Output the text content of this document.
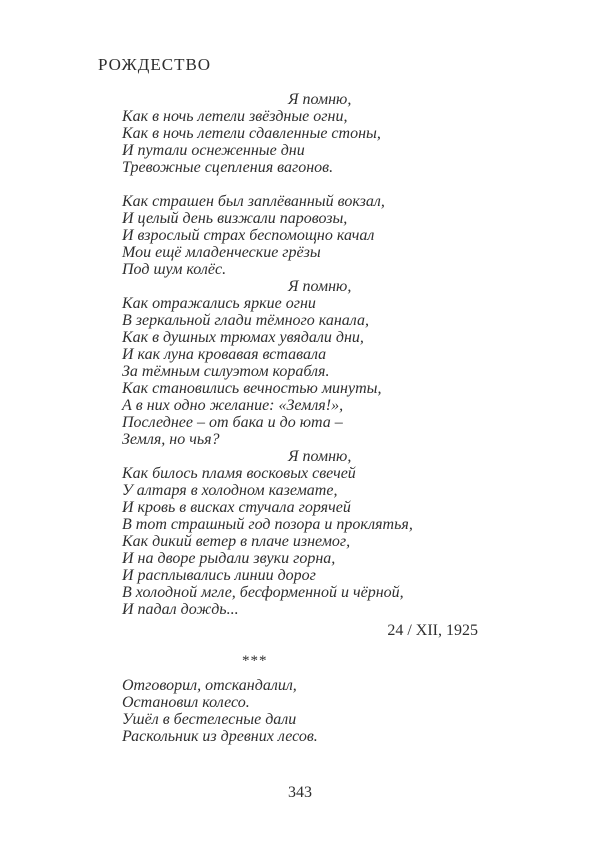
РОЖДЕСТВО
Я помню,
Как в ночь летели звёздные огни,
Как в ночь летели сдавленные стоны,
И путали оснеженные дни
Тревожные сцепления вагонов.
Как страшен был заплёванный вокзал,
И целый день визжали паровозы,
И взрослый страх беспомощно качал
Мои ещё младенческие грёзы
Под шум колёс.
Я помню,
Как отражались яркие огни
В зеркальной глади тёмного канала,
Как в душных трюмах увядали дни,
И как луна кровавая вставала
За тёмным силуэтом корабля.
Как становились вечностью минуты,
А в них одно желание: «Земля!»,
Последнее – от бака и до юта –
Земля, но чья?
Я помню,
Как билось пламя восковых свечей
У алтаря в холодном каземате,
И кровь в висках стучала горячей
В тот страшный год позора и проклятья,
Как дикий ветер в плаче изнемог,
И на дворе рыдали звуки горна,
И расплывались линии дорог
В холодной мгле, бесформенной и чёрной,
И падал дождь...
24 / XII, 1925
***
Отговорил, отскандалил,
Остановил колесо.
Ушёл в бестелесные дали
Раскольник из древних лесов.
343
